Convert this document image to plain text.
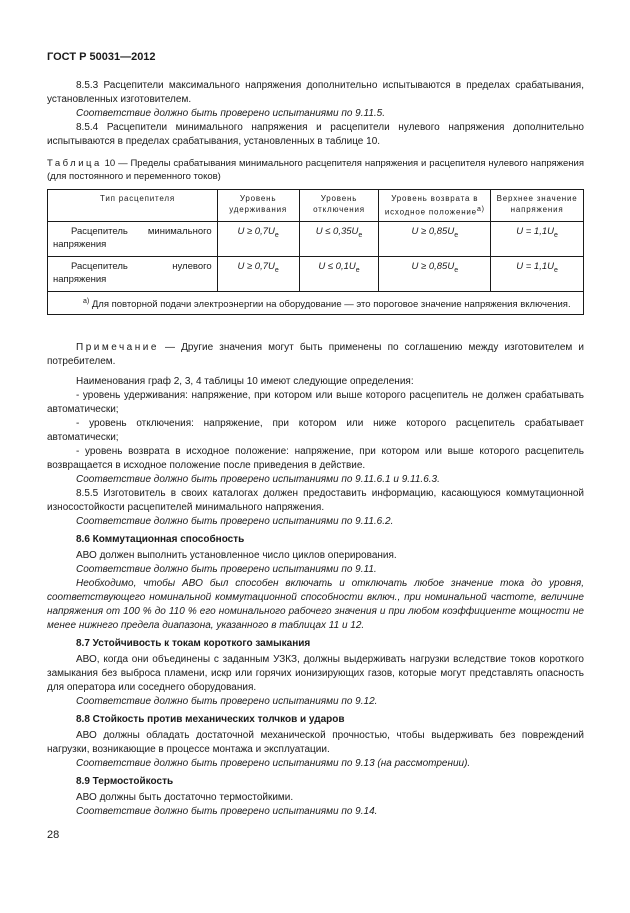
ГОСТ Р 50031—2012

8.5.3 Расцепители максимального напряжения дополнительно испытываются в пределах срабатывания, установленных изготовителем.

Соответствие должно быть проверено испытаниями по 9.11.5.

8.5.4 Расцепители минимального напряжения и расцепители нулевого напряжения дополнительно испытываются в пределах срабатывания, установленных в таблице 10.

Таблица 10 — Пределы срабатывания минимального расцепителя напряжения и расцепителя нулевого напряжения (для постоянного и переменного токов)
Тип расцепителя	Уровень удерживания	Уровень отключения	Уровень возврата в исходное положение$^{а)}$	Верхнее значение напряжения
Расцепитель минимального напряжения	$U \ge 0,7U_e$	$U \le 0,35U_e$	$U \ge 0,85U_e$	$U = 1,1U_e$
Расцепитель нулевого напряжения	$U \ge 0,7U_e$	$U \le 0,1U_e$	$U \ge 0,85U_e$	$U = 1,1U_e$
$^{а)}$ Для повторной подачи электроэнергии на оборудование — это пороговое значение напряжения включения.				

Примечание — Другие значения могут быть применены по соглашению между изготовителем и потребителем.

Наименования граф 2, 3, 4 таблицы 10 имеют следующие определения:

- уровень удерживания: напряжение, при котором или выше которого расцепитель не должен срабатывать автоматически;

- уровень отключения: напряжение, при котором или ниже которого расцепитель срабатывает автоматически;

- уровень возврата в исходное положение: напряжение, при котором или выше которого расцепитель возвращается в исходное положение после приведения в действие.

Соответствие должно быть проверено испытаниями по 9.11.6.1 и 9.11.6.3.

8.5.5 Изготовитель в своих каталогах должен предоставить информацию, касающуюся коммутационной износостойкости расцепителей минимального напряжения.

Соответствие должно быть проверено испытаниями по 9.11.6.2.

8.6 Коммутационная способность

АВО должен выполнить установленное число циклов оперирования.

Соответствие должно быть проверено испытаниями по 9.11.

Необходимо, чтобы АВО был способен включать и отключать любое значение тока до уровня, соответствующего номинальной коммутационной способности включ., при номинальной частоте, величине напряжения от 100 % до 110 % его номинального рабочего значения и при любом коэффициенте мощности не менее нижнего предела диапазона, указанного в таблицах 11 и 12.

8.7 Устойчивость к токам короткого замыкания

АВО, когда они объединены с заданным УЗКЗ, должны выдерживать нагрузки вследствие токов короткого замыкания без выброса пламени, искр или горячих ионизирующих газов, которые могут представлять опасность для оператора или соседнего оборудования.

Соответствие должно быть проверено испытаниями по 9.12.

8.8 Стойкость против механических толчков и ударов

АВО должны обладать достаточной механической прочностью, чтобы выдерживать без повреждений нагрузки, возникающие в процессе монтажа и эксплуатации.

Соответствие должно быть проверено испытаниями по 9.13 (на рассмотрении).

8.9 Термостойкость

АВО должны быть достаточно термостойкими.

Соответствие должно быть проверено испытаниями по 9.14.

28
